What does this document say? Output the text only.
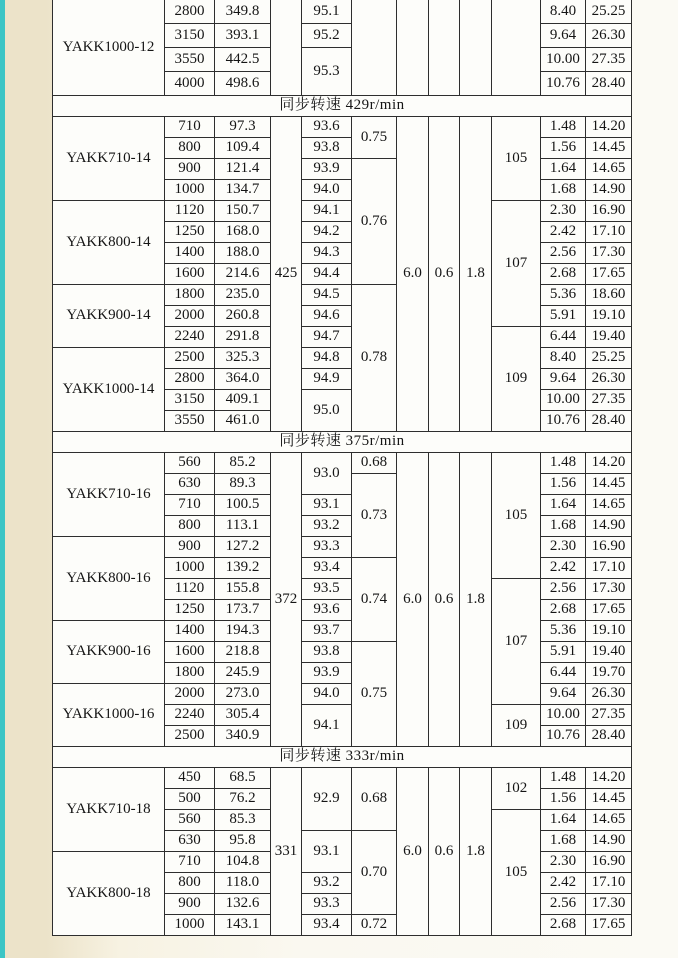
YAKK1000-12	2800	349.8		95.1						8.40	25.25
	3150	393.1		95.2						9.64	26.30
	3550	442.5		95.3						10.00	27.35
	4000	498.6								10.76	28.40
同步转速 429r/min											
YAKK710-14	710	97.3	425	93.6	0.75	6.0	0.6	1.8	105	1.48	14.20
	800	109.4		93.8						1.56	14.45
	900	121.4		93.9	0.76					1.64	14.65
	1000	134.7		94.0						1.68	14.90
YAKK800-14	1120	150.7		94.1					107	2.30	16.90
	1250	168.0		94.2						2.42	17.10
	1400	188.0		94.3						2.56	17.30
	1600	214.6		94.4						2.68	17.65
YAKK900-14	1800	235.0		94.5	0.78					5.36	18.60
	2000	260.8		94.6						5.91	19.10
	2240	291.8		94.7					109	6.44	19.40
YAKK1000-14	2500	325.3		94.8						8.40	25.25
	2800	364.0		94.9						9.64	26.30
	3150	409.1		95.0						10.00	27.35
	3550	461.0								10.76	28.40
同步转速 375r/min											
YAKK710-16	560	85.2	372	93.0	0.68	6.0	0.6	1.8	105	1.48	14.20
	630	89.3			0.73					1.56	14.45
	710	100.5		93.1						1.64	14.65
	800	113.1		93.2						1.68	14.90
YAKK800-16	900	127.2		93.3						2.30	16.90
	1000	139.2		93.4	0.74					2.42	17.10
	1120	155.8		93.5					107	2.56	17.30
	1250	173.7		93.6						2.68	17.65
YAKK900-16	1400	194.3		93.7						5.36	19.10
	1600	218.8		93.8	0.75					5.91	19.40
	1800	245.9		93.9						6.44	19.70
YAKK1000-16	2000	273.0		94.0						9.64	26.30
	2240	305.4		94.1					109	10.00	27.35
	2500	340.9								10.76	28.40
同步转速 333r/min											
YAKK710-18	450	68.5	331	92.9	0.68	6.0	0.6	1.8	102	1.48	14.20
	500	76.2								1.56	14.45
	560	85.3							105	1.64	14.65
	630	95.8		93.1	0.70					1.68	14.90
YAKK800-18	710	104.8								2.30	16.90
	800	118.0		93.2						2.42	17.10
	900	132.6		93.3						2.56	17.30
	1000	143.1		93.4	0.72					2.68	17.65
